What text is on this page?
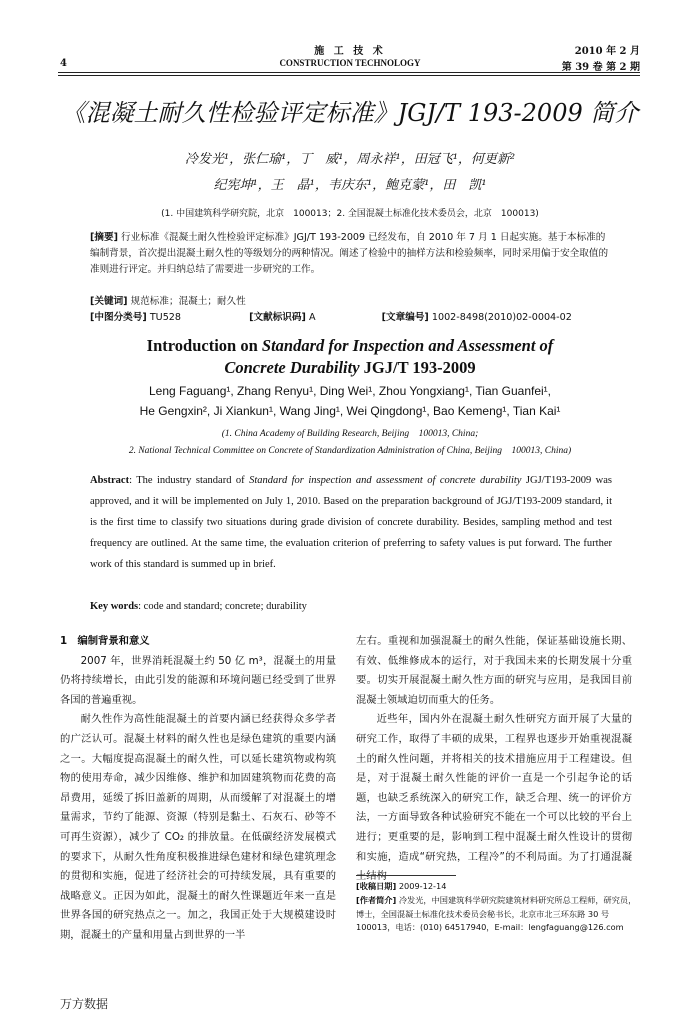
4
施 工 技 术
CONSTRUCTION TECHNOLOGY
2010 年 2 月
第 39 卷 第 2 期
《混凝土耐久性检验评定标准》JGJ/T 193-2009 简介
冷发光¹，张仁瑜¹，丁　威¹，周永祥¹，田冠飞¹，何更新²
纪宪坤¹，王　晶¹，韦庆东¹，鲍克蒙¹，田　凯¹
(1. 中国建筑科学研究院，北京　100013；2. 全国混凝土标准化技术委员会，北京　100013)
[摘要] 行业标准《混凝土耐久性检验评定标准》JGJ/T 193-2009 已经发布，自 2010 年 7 月 1 日起实施。基于本标准的编制背景，首次提出混凝土耐久性的等级划分的两种情况。阐述了检验中的抽样方法和检验频率，同时采用偏于安全取值的准则进行评定。并归纳总结了需要进一步研究的工作。
[关键词] 规范标准；混凝土；耐久性
[中图分类号] TU528	[文献标识码] A	[文章编号] 1002-8498(2010)02-0004-02
Introduction on Standard for Inspection and Assessment of
Concrete Durability JGJ/T 193-2009
Leng Faguang¹, Zhang Renyu¹, Ding Wei¹, Zhou Yongxiang¹, Tian Guanfei¹,
He Gengxin², Ji Xiankun¹, Wang Jing¹, Wei Qingdong¹, Bao Kemeng¹, Tian Kai¹
(1. China Academy of Building Research, Beijing　100013, China;
2. National Technical Committee on Concrete of Standardization Administration of China, Beijing　100013, China)
Abstract: The industry standard of Standard for inspection and assessment of concrete durability JGJ/T193-2009 was approved, and it will be implemented on July 1, 2010. Based on the preparation background of JGJ/T193-2009 standard, it is the first time to classify two situations during grade division of concrete durability. Besides, sampling method and test frequency are outlined. At the same time, the evaluation criterion of preferring to safety values is put forward. The further work of this standard is summed up in brief.
Key words: code and standard; concrete; durability
1　编制背景和意义
2007 年，世界消耗混凝土约 50 亿 m³，混凝土的用量仍将持续增长，由此引发的能源和环境问题已经受到了世界各国的普遍重视。
耐久性作为高性能混凝土的首要内涵已经获得众多学者的广泛认可。混凝土材料的耐久性也是绿色建筑的重要内涵之一。大幅度提高混凝土的耐久性，可以延长建筑物或构筑物的使用寿命，减少因维修、维护和加固建筑物而花费的高昂费用，延缓了拆旧盖新的周期，从而缓解了对混凝土的增量需求，节约了能源、资源（特别是黏土、石灰石、砂等不可再生资源），减少了 CO₂ 的排放量。在低碳经济发展模式的要求下，从耐久性角度积极推进绿色建材和绿色建筑理念的贯彻和实施，促进了经济社会的可持续发展，具有重要的战略意义。正因为如此，混凝土的耐久性课题近年来一直是世界各国的研究热点之一。加之，我国正处于大规模建设时期，混凝土的产量和用量占到世界的一半
左右。重视和加强混凝土的耐久性能，保证基础设施长期、有效、低维修成本的运行，对于我国未来的长期发展十分重要。切实开展混凝土耐久性方面的研究与应用，是我国目前混凝土领域迫切而重大的任务。
近些年，国内外在混凝土耐久性研究方面开展了大量的研究工作，取得了丰硕的成果，工程界也逐步开始重视混凝土的耐久性问题，并将相关的技术措施应用于工程建设。但是，对于混凝土耐久性能的评价一直是一个引起争论的话题，也缺乏系统深入的研究工作，缺乏合理、统一的评价方法，一方面导致各种试验研究不能在一个可以比较的平台上进行；更重要的是，影响到工程中混凝土耐久性设计的贯彻和实施，造成“研究热，工程冷”的不利局面。为了打通混凝土结构
[收稿日期] 2009-12-14
[作者简介] 冷发光，中国建筑科学研究院建筑材料研究所总工程师，研究员，博士，全国混凝土标准化技术委员会秘书长，北京市北三环东路 30 号　100013，电话：(010) 64517940，E-mail：lengfaguang@126.com
万方数据
